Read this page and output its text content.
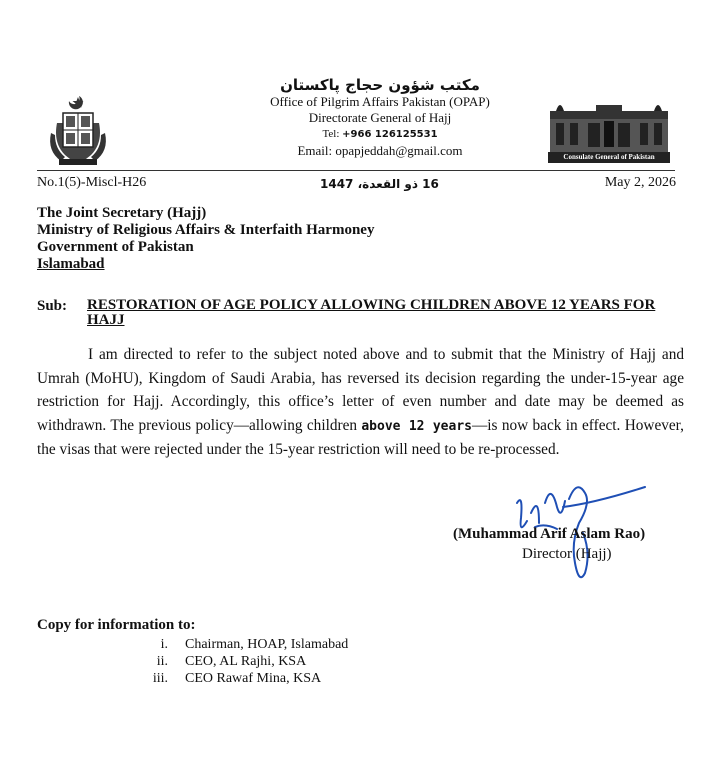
مکتب شؤون حجاج پاکستان
Office of Pilgrim Affairs Pakistan (OPAP)
Directorate General of Hajj
Tel: +966 126125531
Email: opapjeddah@gmail.com	Consulate General of Pakistan
No.1(5)-Miscl-H26	16 ذو القعدة، 1447	May 2, 2026
The Joint Secretary (Hajj)
Ministry of Religious Affairs & Interfaith Harmoney
Government of Pakistan
Islamabad
Sub: RESTORATION OF AGE POLICY ALLOWING CHILDREN ABOVE 12 YEARS FOR HAJJ
I am directed to refer to the subject noted above and to submit that the Ministry of Hajj and Umrah (MoHU), Kingdom of Saudi Arabia, has reversed its decision regarding the under-15-year age restriction for Hajj. Accordingly, this office’s letter of even number and date may be deemed as withdrawn. The previous policy—allowing children above 12 years—is now back in effect. However, the visas that were rejected under the 15-year restriction will need to be re-processed.
(Muhammad Arif Aslam Rao)
Director (Hajj)
Copy for information to:
i.	Chairman, HOAP, Islamabad
ii.	CEO, AL Rajhi, KSA
iii.	CEO Rawaf Mina, KSA
